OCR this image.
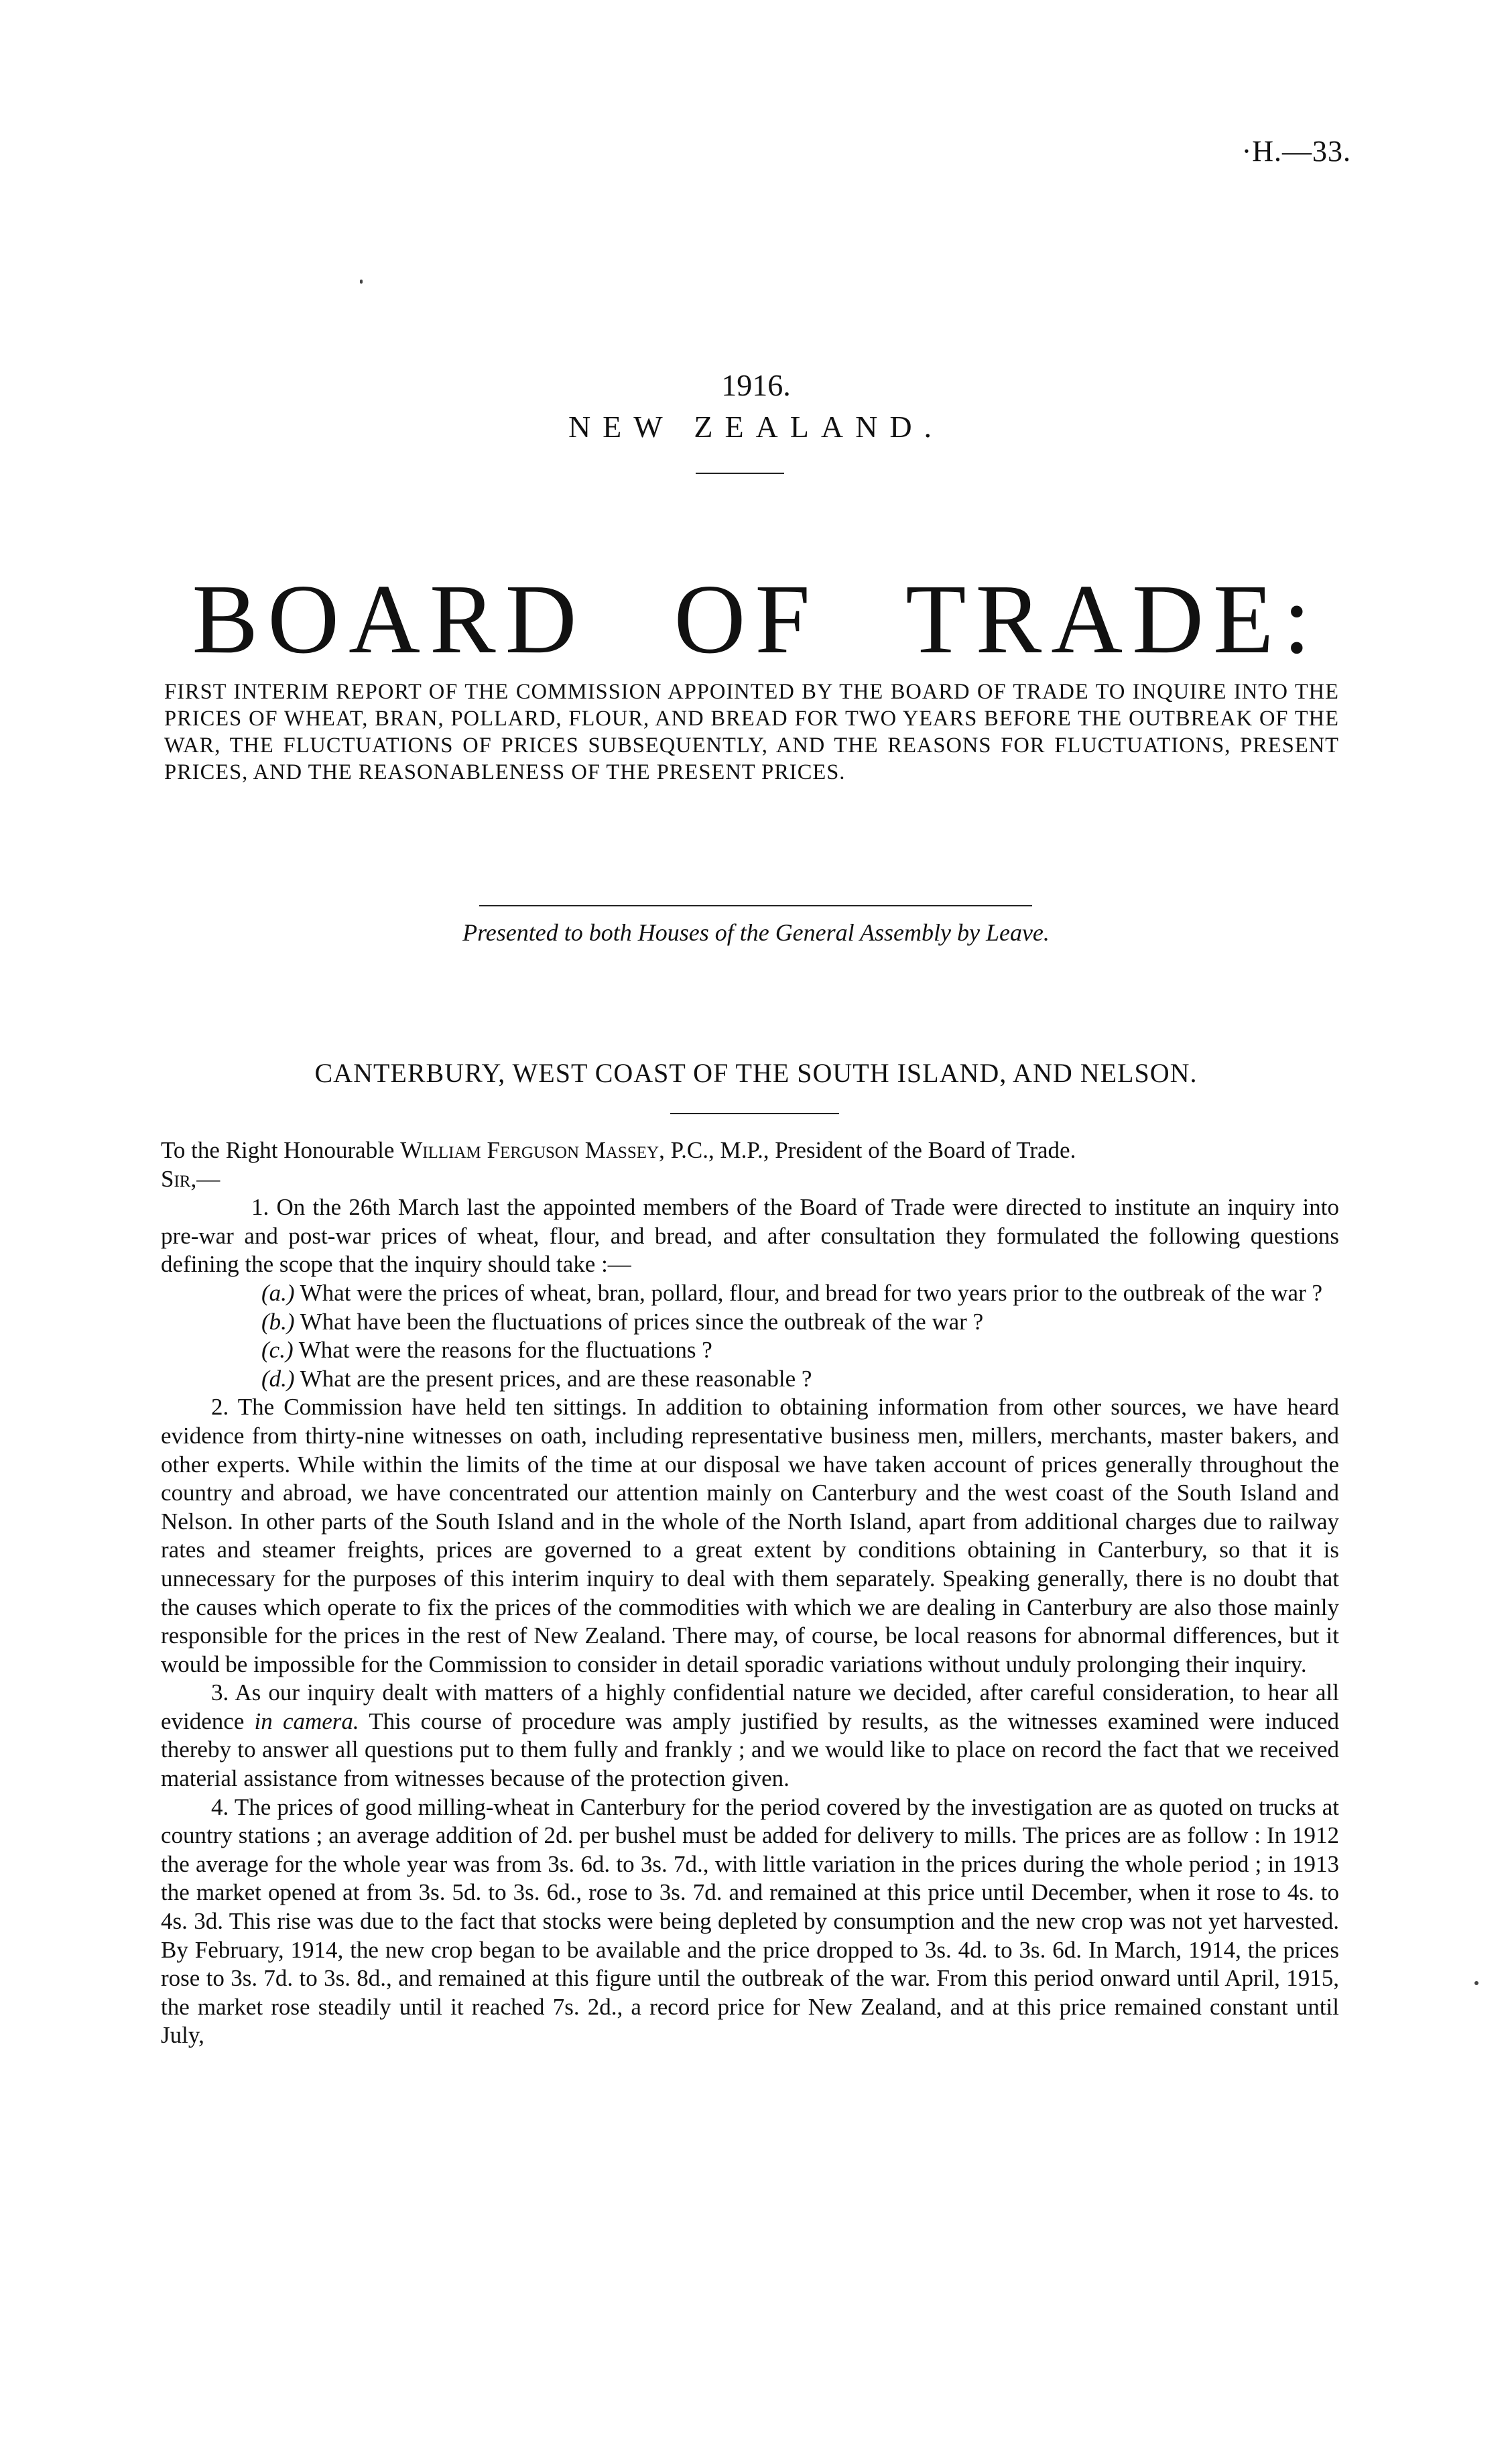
·H.—33.
1916.
NEW ZEALAND.
BOARD OF TRADE:
FIRST INTERIM REPORT OF THE COMMISSION APPOINTED BY THE BOARD OF TRADE TO INQUIRE INTO THE PRICES OF WHEAT, BRAN, POLLARD, FLOUR, AND BREAD FOR TWO YEARS BEFORE THE OUTBREAK OF THE WAR, THE FLUCTUATIONS OF PRICES SUBSEQUENTLY, AND THE REASONS FOR FLUCTUATIONS, PRESENT PRICES, AND THE REASONABLENESS OF THE PRESENT PRICES.
Presented to both Houses of the General Assembly by Leave.
CANTERBURY, WEST COAST OF THE SOUTH ISLAND, AND NELSON.

To the Right Honourable William Ferguson Massey, P.C., M.P., President of the Board of Trade.

Sir,—

1. On the 26th March last the appointed members of the Board of Trade were directed to institute an inquiry into pre-war and post-war prices of wheat, flour, and bread, and after consultation they formulated the following questions defining the scope that the inquiry should take :—

(a.) What were the prices of wheat, bran, pollard, flour, and bread for two years prior to the outbreak of the war ?

(b.) What have been the fluctuations of prices since the outbreak of the war ?

(c.) What were the reasons for the fluctuations ?

(d.) What are the present prices, and are these reasonable ?

2. The Commission have held ten sittings. In addition to obtaining information from other sources, we have heard evidence from thirty-nine witnesses on oath, including representative business men, millers, merchants, master bakers, and other experts. While within the limits of the time at our disposal we have taken account of prices generally throughout the country and abroad, we have concentrated our attention mainly on Canterbury and the west coast of the South Island and Nelson. In other parts of the South Island and in the whole of the North Island, apart from additional charges due to railway rates and steamer freights, prices are governed to a great extent by conditions obtaining in Canterbury, so that it is unnecessary for the purposes of this interim inquiry to deal with them separately. Speaking generally, there is no doubt that the causes which operate to fix the prices of the commodities with which we are dealing in Canterbury are also those mainly responsible for the prices in the rest of New Zealand. There may, of course, be local reasons for abnormal differences, but it would be impossible for the Commission to consider in detail sporadic variations without unduly prolonging their inquiry.

3. As our inquiry dealt with matters of a highly confidential nature we decided, after careful consideration, to hear all evidence in camera. This course of procedure was amply justified by results, as the witnesses examined were induced thereby to answer all questions put to them fully and frankly ; and we would like to place on record the fact that we received material assistance from witnesses because of the protection given.

4. The prices of good milling-wheat in Canterbury for the period covered by the investigation are as quoted on trucks at country stations ; an average addition of 2d. per bushel must be added for delivery to mills. The prices are as follow : In 1912 the average for the whole year was from 3s. 6d. to 3s. 7d., with little variation in the prices during the whole period ; in 1913 the market opened at from 3s. 5d. to 3s. 6d., rose to 3s. 7d. and remained at this price until December, when it rose to 4s. to 4s. 3d. This rise was due to the fact that stocks were being depleted by consumption and the new crop was not yet harvested. By February, 1914, the new crop began to be available and the price dropped to 3s. 4d. to 3s. 6d. In March, 1914, the prices rose to 3s. 7d. to 3s. 8d., and remained at this figure until the outbreak of the war. From this period onward until April, 1915, the market rose steadily until it reached 7s. 2d., a record price for New Zealand, and at this price remained constant until July,
